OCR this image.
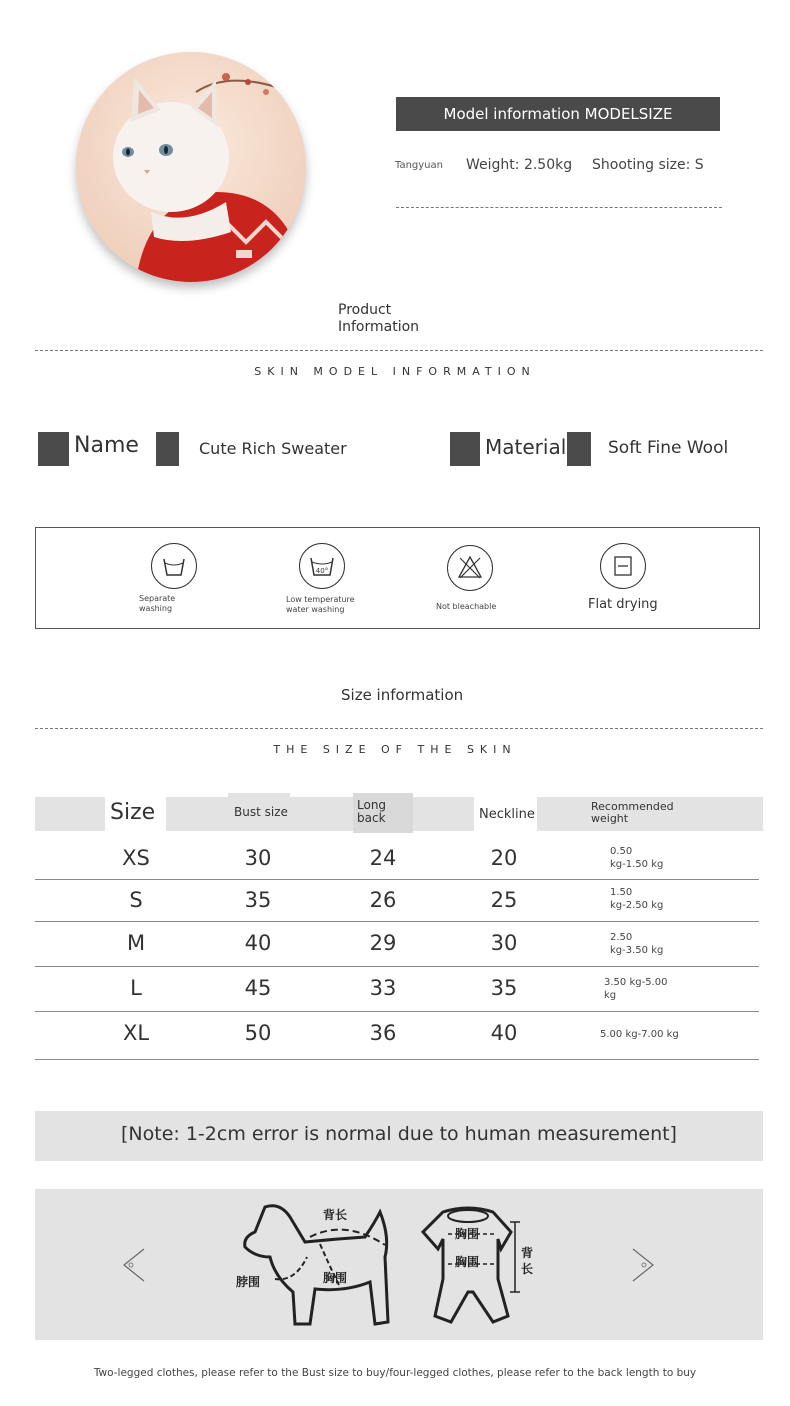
Model information MODELSIZE
Tangyuan Weight: 2.50kg Shooting size: S
Product
Information
SKIN MODEL INFORMATION
Name	Cute Rich Sweater	Material Soft Fine Wool
Separate
washing
40°
Low temperature
water washing	Not bleachable	Flat drying
Size information
THE SIZE OF THE SKIN
Size	Bust size	Long
back	Neckline
Recommended
weight
XS	30	24	20	0.50
kg-1.50 kg
S	35	26	25	1.50
kg-2.50 kg
M	40	29	30	2.50
kg-3.50 kg
L	45	33	35	3.50 kg-5.00
kg
XL	50	36	40	5.00 kg-7.00 kg
[Note: 1-2cm error is normal due to human measurement]
背长
脖围	胸围
胸围
胸围
背
长
Two-legged clothes, please refer to the Bust size to buy/four-legged clothes, please refer to the back length to buy
